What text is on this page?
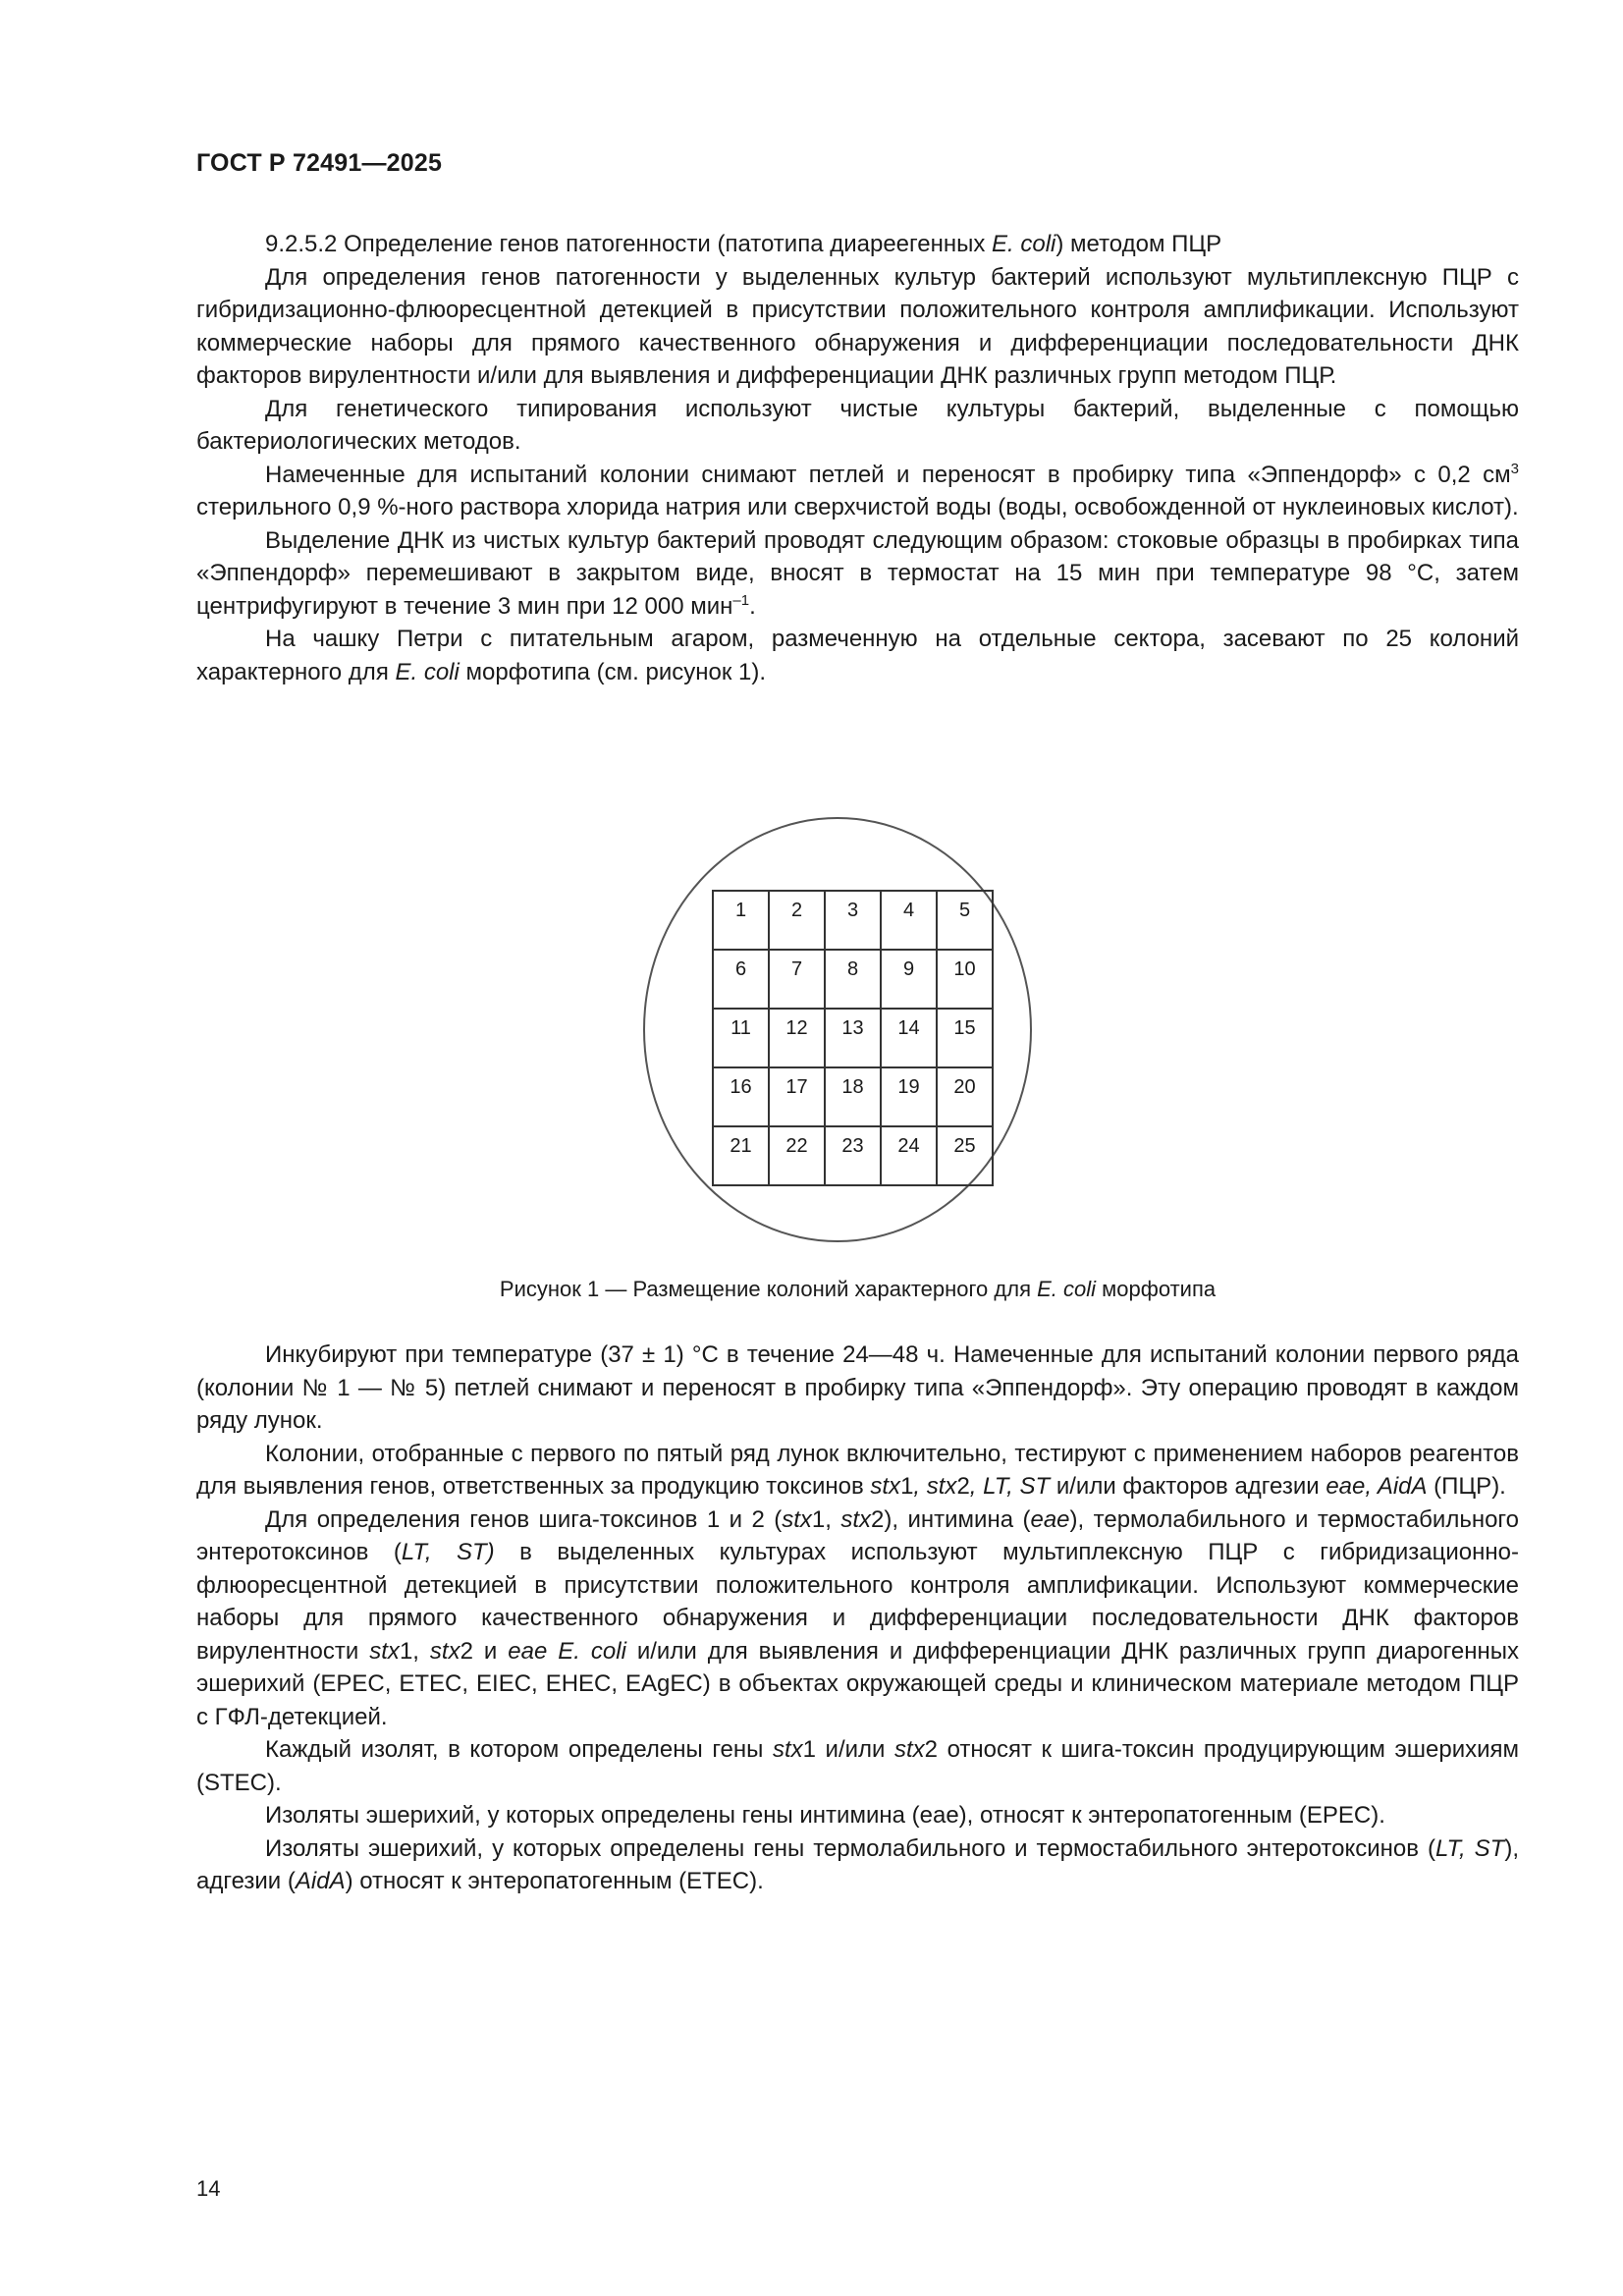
ГОСТ Р 72491—2025

9.2.5.2 Определение генов патогенности (патотипа диареегенных E. coli) методом ПЦР

Для определения генов патогенности у выделенных культур бактерий используют мультиплексную ПЦР с гибридизационно-флюоресцентной детекцией в присутствии положительного контроля амплификации. Используют коммерческие наборы для прямого качественного обнаружения и дифференциации последовательности ДНК факторов вирулентности и/или для выявления и дифференциации ДНК различных групп методом ПЦР.

Для генетического типирования используют чистые культуры бактерий, выделенные с помощью бактериологических методов.

Намеченные для испытаний колонии снимают петлей и переносят в пробирку типа «Эппендорф» с 0,2 $см^3$ стерильного 0,9 %-ного раствора хлорида натрия или сверхчистой воды (воды, освобожденной от нуклеиновых кислот).

Выделение ДНК из чистых культур бактерий проводят следующим образом: стоковые образцы в пробирках типа «Эппендорф» перемешивают в закрытом виде, вносят в термостат на 15 мин при температуре 98 °С, затем центрифугируют в течение 3 мин при 12 000 мин$^{-1}$.

На чашку Петри с питательным агаром, размеченную на отдельные сектора, засевают по 25 колоний характерного для E. coli морфотипа (см. рисунок 1).

1	2	3	4	5
6	7	8	9	10
11	12	13	14	15
16	17	18	19	20
21	22	23	24	25
Рисунок 1 — Размещение колоний характерного для E. coli морфотипа

Инкубируют при температуре (37 ± 1) °С в течение 24—48 ч. Намеченные для испытаний колонии первого ряда (колонии № 1 — № 5) петлей снимают и переносят в пробирку типа «Эппендорф». Эту операцию проводят в каждом ряду лунок.

Колонии, отобранные с первого по пятый ряд лунок включительно, тестируют с применением наборов реагентов для выявления генов, ответственных за продукцию токсинов stx1, stx2, LT, ST и/или факторов адгезии eae, AidA (ПЦР).

Для определения генов шига-токсинов 1 и 2 (stx1, stx2), интимина (eae), термолабильного и термостабильного энтеротоксинов (LT, ST) в выделенных культурах используют мультиплексную ПЦР с гибридизационно-флюоресцентной детекцией в присутствии положительного контроля амплификации. Используют коммерческие наборы для прямого качественного обнаружения и дифференциации последовательности ДНК факторов вирулентности stx1, stx2 и eae E. coli и/или для выявления и дифференциации ДНК различных групп диарогенных эшерихий (EPEC, ETEC, EIEC, EHEC, EAgEC) в объектах окружающей среды и клиническом материале методом ПЦР с ГФЛ-детекцией.

Каждый изолят, в котором определены гены stx1 и/или stx2 относят к шига-токсин продуцирующим эшерихиям (STEC).

Изоляты эшерихий, у которых определены гены интимина (eae), относят к энтеропатогенным (EPEC).

Изоляты эшерихий, у которых определены гены термолабильного и термостабильного энтеротоксинов (LT, ST), адгезии (AidA) относят к энтеропатогенным (ETEC).

14
